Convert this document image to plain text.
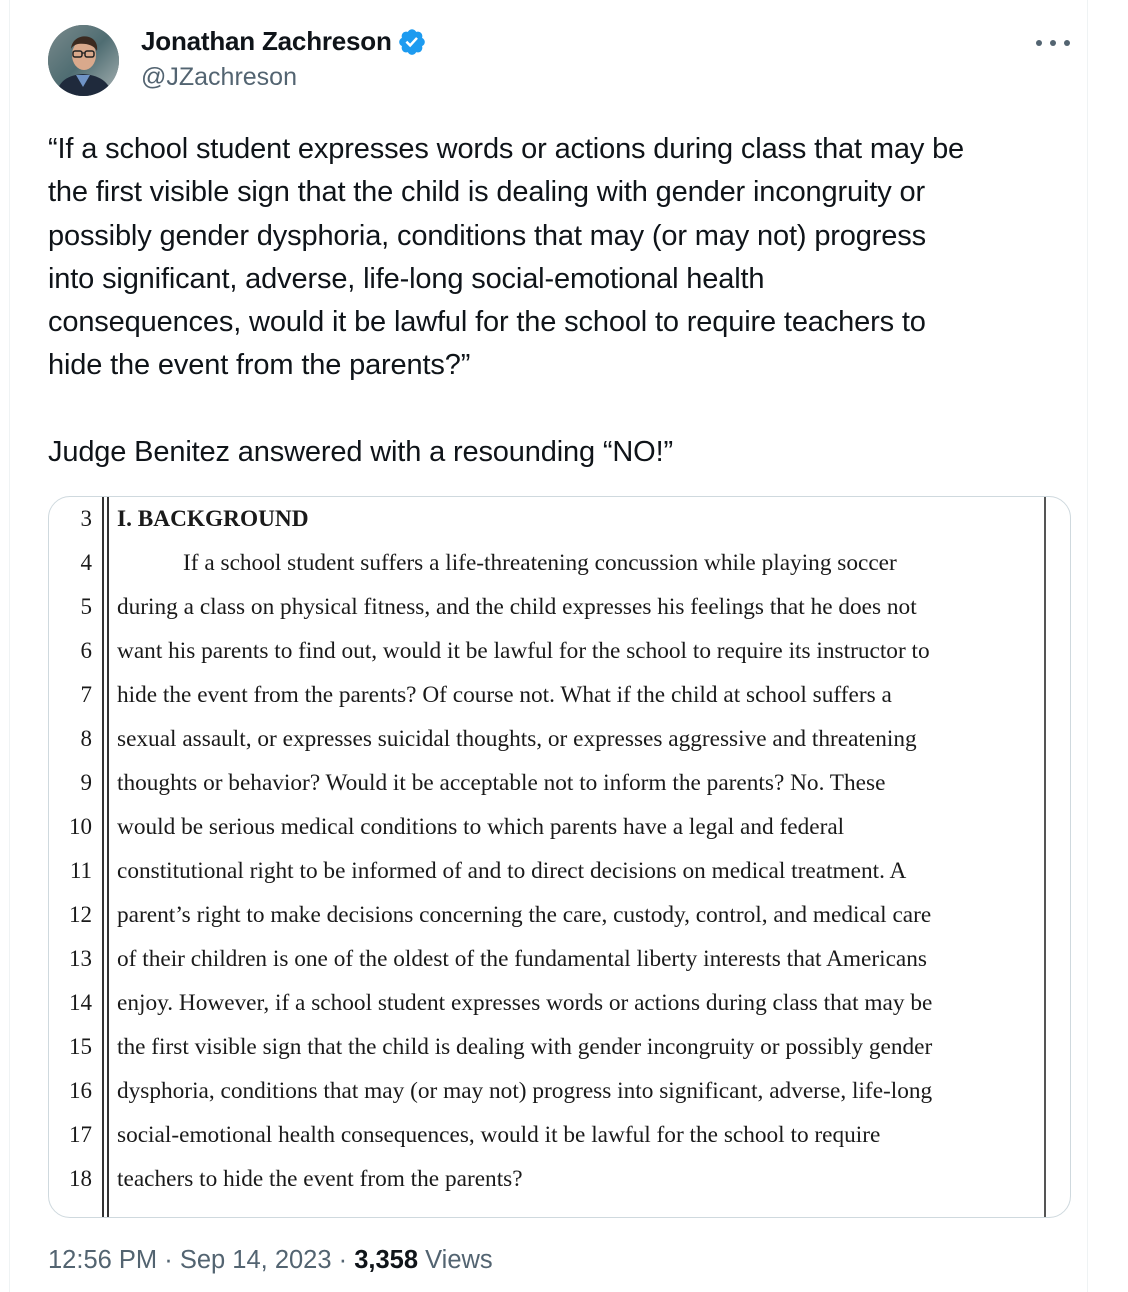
Jonathan Zachreson
@JZachreson

“If a school student expresses words or actions during class that may be
the first visible sign that the child is dealing with gender incongruity or
possibly gender dysphoria, conditions that may (or may not) progress
into significant, adverse, life-long social-emotional health
consequences, would it be lawful for the school to require teachers to
hide the event from the parents?”

Judge Benitez answered with a resounding “NO!”

3 I. BACKGROUND
4	If a school student suffers a life-threatening concussion while playing soccer
5 during a class on physical fitness, and the child expresses his feelings that he does not
6 want his parents to find out, would it be lawful for the school to require its instructor to
7 hide the event from the parents? Of course not. What if the child at school suffers a
8 sexual assault, or expresses suicidal thoughts, or expresses aggressive and threatening
9 thoughts or behavior? Would it be acceptable not to inform the parents? No. These
10 would be serious medical conditions to which parents have a legal and federal
11 constitutional right to be informed of and to direct decisions on medical treatment. A
12 parent’s right to make decisions concerning the care, custody, control, and medical care
13 of their children is one of the oldest of the fundamental liberty interests that Americans
14 enjoy. However, if a school student expresses words or actions during class that may be
15 the first visible sign that the child is dealing with gender incongruity or possibly gender
16 dysphoria, conditions that may (or may not) progress into significant, adverse, life-long
17 social-emotional health consequences, would it be lawful for the school to require
18 teachers to hide the event from the parents?
12:56 PM · Sep 14, 2023 · 3,358 Views
